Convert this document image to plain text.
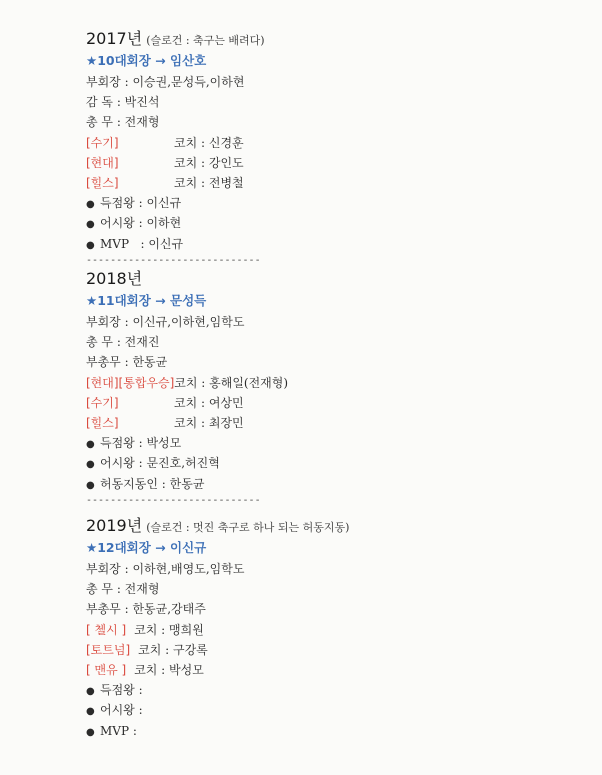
2017년 (슬로건 : 축구는 배려다)
★10대회장 → 임산호
부회장 : 이승권,문성득,이하현
감 독 : 박진석
총 무 : 전재형
[수기]	코치 : 신경훈
[현대]	코치 : 강인도
[힐스]	코치 : 전병철
● 득점왕 : 이신규
● 어시왕 : 이하현
● MVP   : 이신규
-----------------------------
2018년
★11대회장 → 문성득
부회장 : 이신규,이하현,임학도
총 무 : 전재진
부총무 : 한동균
[현대][통합우승]코치 : 홍해일(전재형)
[수기]	코치 : 여상민
[힐스]	코치 : 최장민
● 득점왕 : 박성모
● 어시왕 : 문진호,허진혁
● 허동지동인 : 한동균
-----------------------------
2019년 (슬로건 : 멋진 축구로 하나 되는 허동지동)
★12대회장 → 이신규
부회장 : 이하현,배영도,임학도
총 무 : 전재형
부총무 : 한동균,강태주
[ 첼시 ] 코치 : 맹희원
[토트넘] 코치 : 구강록
[ 맨유 ] 코치 : 박성모
● 득점왕 :
● 어시왕 :
● MVP :
